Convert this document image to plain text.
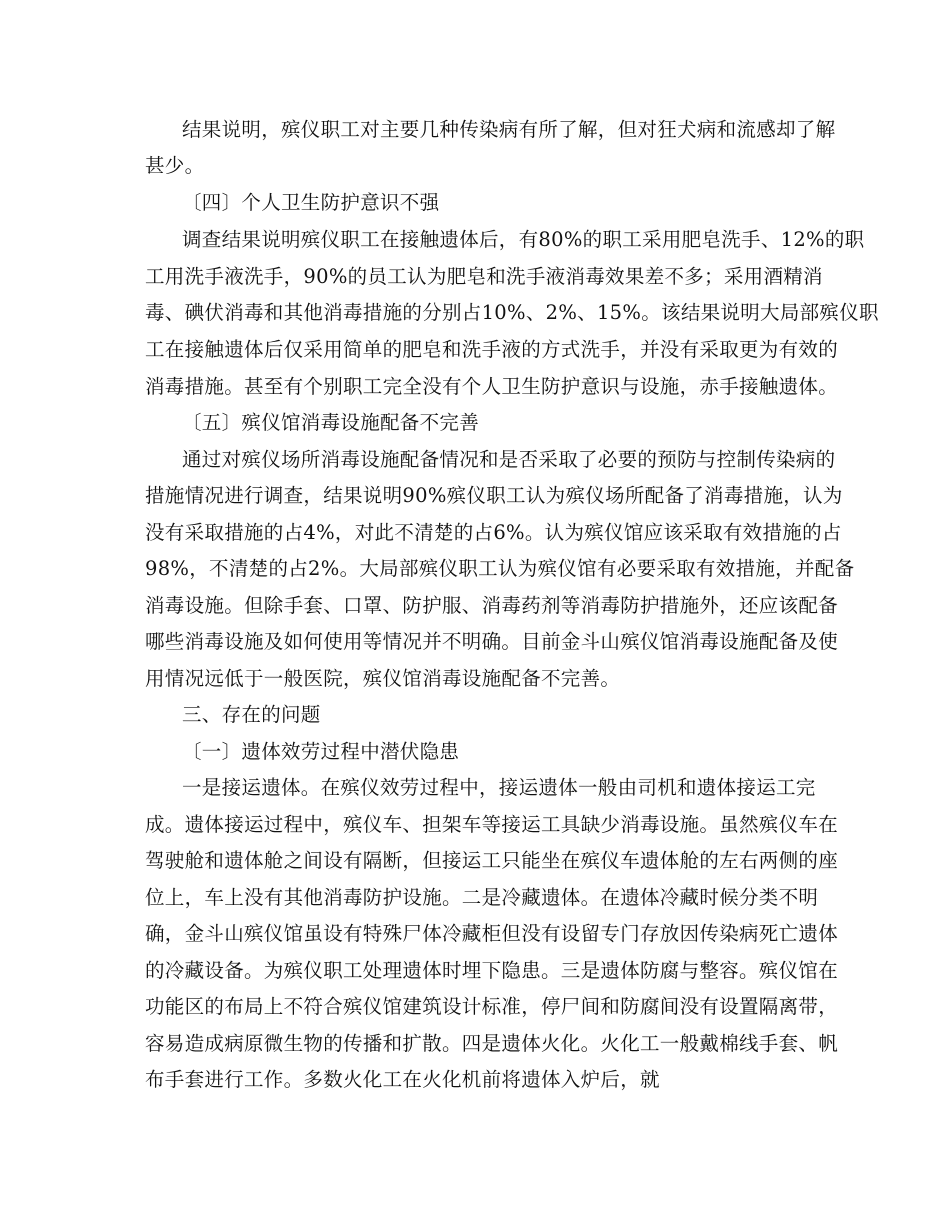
结果说明，殡仪职工对主要几种传染病有所了解，但对狂犬病和流感却了解
甚少。
〔四〕个人卫生防护意识不强
调查结果说明殡仪职工在接触遗体后，有80%的职工采用肥皂洗手、12%的职
工用洗手液洗手，90%的员工认为肥皂和洗手液消毒效果差不多；采用酒精消
毒、碘伏消毒和其他消毒措施的分别占10%、2%、15%。该结果说明大局部殡仪职
工在接触遗体后仅采用简单的肥皂和洗手液的方式洗手，并没有采取更为有效的
消毒措施。甚至有个别职工完全没有个人卫生防护意识与设施，赤手接触遗体。
〔五〕殡仪馆消毒设施配备不完善
通过对殡仪场所消毒设施配备情况和是否采取了必要的预防与控制传染病的
措施情况进行调查，结果说明90%殡仪职工认为殡仪场所配备了消毒措施，认为
没有采取措施的占4%，对此不清楚的占6%。认为殡仪馆应该采取有效措施的占
98%，不清楚的占2%。大局部殡仪职工认为殡仪馆有必要采取有效措施，并配备
消毒设施。但除手套、口罩、防护服、消毒药剂等消毒防护措施外，还应该配备
哪些消毒设施及如何使用等情况并不明确。目前金斗山殡仪馆消毒设施配备及使
用情况远低于一般医院，殡仪馆消毒设施配备不完善。
三、存在的问题
〔一〕遗体效劳过程中潜伏隐患
一是接运遗体。在殡仪效劳过程中，接运遗体一般由司机和遗体接运工完
成。遗体接运过程中，殡仪车、担架车等接运工具缺少消毒设施。虽然殡仪车在
驾驶舱和遗体舱之间设有隔断，但接运工只能坐在殡仪车遗体舱的左右两侧的座
位上，车上没有其他消毒防护设施。二是冷藏遗体。在遗体冷藏时候分类不明
确，金斗山殡仪馆虽设有特殊尸体冷藏柜但没有设留专门存放因传染病死亡遗体
的冷藏设备。为殡仪职工处理遗体时埋下隐患。三是遗体防腐与整容。殡仪馆在
功能区的布局上不符合殡仪馆建筑设计标准，停尸间和防腐间没有设置隔离带，
容易造成病原微生物的传播和扩散。四是遗体火化。火化工一般戴棉线手套、帆
布手套进行工作。多数火化工在火化机前将遗体入炉后，就
